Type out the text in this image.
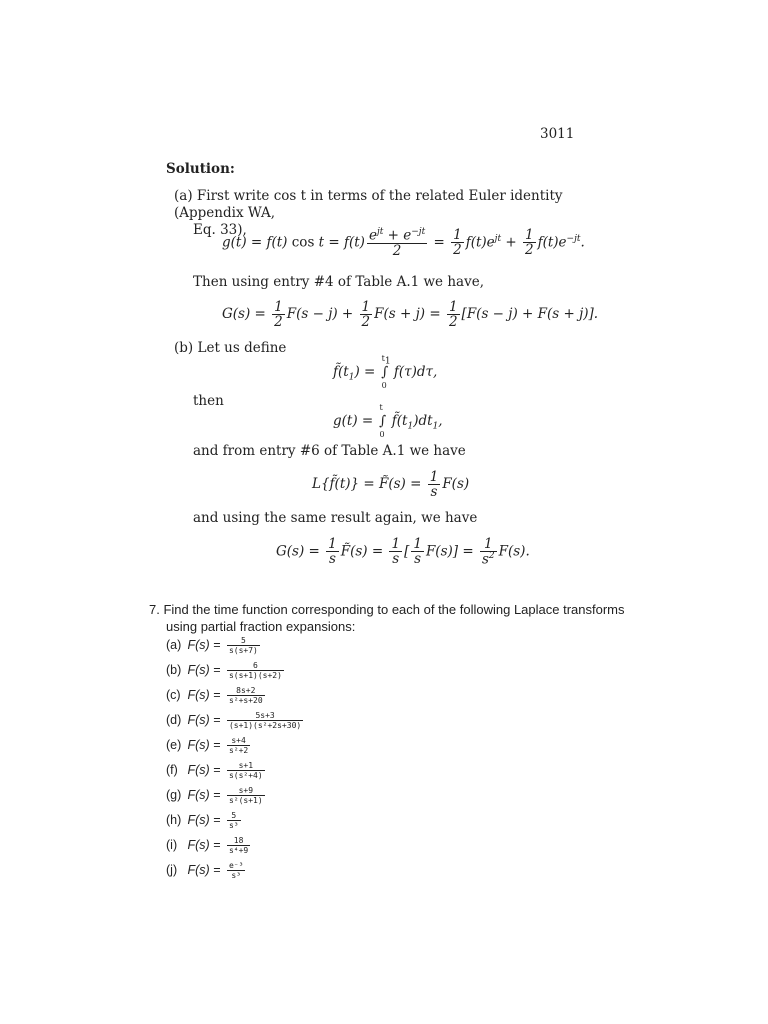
3011
Solution:
(a) First write cos t in terms of the related Euler identity (Appendix WA,
Eq. 33),
g(t) = f(t) $\cos t = f(t) \frac{e^{jt} + e^{-jt}}{2} = \frac{1}{2} f(t)e^{jt} + \frac{1}{2} f(t)e^{-jt}$.
Then using entry #4 of Table A.1 we have,
$G(s) = \frac{1}{2} F(s - j) + \frac{1}{2} F(s + j) = \frac{1}{2} [F(s - j) + F(s + j)]$.
(b) Let us define
$f̃(t_1)$ = ∫
$t_1$
0
f(τ)dτ,
then
g(t) = ∫
t
0
$f̃(t_1)dt_1$,
and from entry #6 of Table A.1 we have
L{f̃(t)} = F̃(s) = $\frac{1}{s} F(s)$
and using the same result again, we have
$G(s) = \frac{1}{s}$ F̃(s) = $\frac{1}{s}$ [ $\frac{1}{s} F(s)] = \frac{1}{s^2} F(s)$.
7. Find the time function corresponding to each of the following Laplace transforms
using partial fraction expansions:
(a) $F(s) = \frac{5}{s(s+7)}$
(b) $F(s) = \frac{6}{s(s+1)(s+2)}$
(c) $F(s) = \frac{8s+2}{\text{s²+s+20}}$
(d) $F(s) = \frac{5s+3}{\text{(s+1)(s²+2s+30)}}$
(e) $F(s) = \frac{s+4}{\text{s²+2}}$
(f) $F(s) = \frac{s+1}{\text{s(s²+4)}}$
(g) $F(s) = \frac{s+9}{\text{s²(s+1)}}$
(h) $F(s) = \frac{5}{\text{s³}}$
(i) $F(s) = \frac{18}{\text{s⁴+9}}$
(j) $F(s) = \frac{\text{e⁻³}}{\text{s³}}$
